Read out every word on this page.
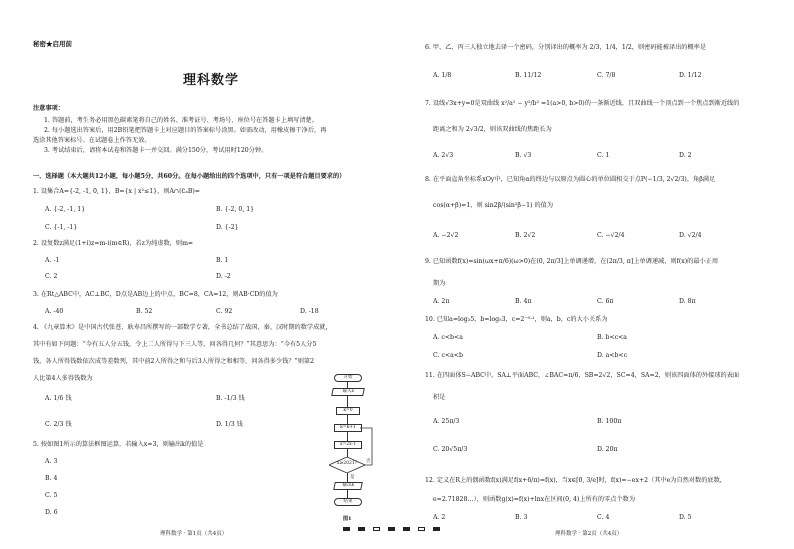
秘密★启用前
理科数学
注意事项：
1. 答题前，考生务必用黑色碳素笔将自己的姓名、准考证号、考场号、座位号在答题卡上填写清楚。
2. 每小题选出答案后，用2B铅笔把答题卡上对应题目的答案标号涂黑。如需改动，用橡皮擦干净后，再
选涂其他答案标号。在试题卷上作答无效。
3. 考试结束后，请将本试卷和答题卡一并交回。满分150分，考试用时120分钟。
一、选择题（本大题共12小题，每小题5分，共60分。在每小题给出的四个选项中，只有一项是符合题目要求的）
1. 设集合A={-2, -1, 0, 1}，B={x | x²≤1}，则A∩(∁ₐB)=
A. {-2, -1, 1}	B. {-2, 0, 1}
C. {-1, -1}	D. {-2}
2. 设复数z满足(1+i)z=m-i(m∈R)，若z为纯虚数，则m=
A. -1	B. 1
C. 2	D. -2
3. 在Rt△ABC中，AC⊥BC，D点是AB边上的中点，BC=8，CA=12，则AB·CD的值为
A. -40	B. 52	C. 92	D. -18
4. 《九章算术》是中国古代张苍、耿寿昌所撰写的一部数学专著，全书总结了战国、秦、汉时期的数学成就，
其中有如下问题：“今有五人分五钱，令上二人所得与下三人等，问各得几何？”其意思为：“今有5人分5
钱，各人所得钱数依次成等差数列，其中前2人所得之和与后3人所得之和相等，问各得多少钱？”则第2
人比第4人多得钱数为
A. 1/6 钱	B. -1/3 钱
C. 2/3 钱	D. 1/3 钱
5. 按如图1所示的算法框图运算，若输入x=3，则输出k的值是
A. 3
B. 4
C. 5
D. 6
开始
输入x
k=0
k=k+1
x=2x-1
x≥2021? 否
是
输出k
结束
图1
理科数学 · 第1页（共4页）
6. 甲、乙、丙三人独立地去译一个密码，分别译出的概率为 2/3，1/4，1/2，则密码能被译出的概率是
A. 1/8	B. 11/12	C. 7/8	D. 1/12
7. 设线√3x+y=0是双曲线 x²/a² − y²/b² =1(a>0, b>0)的一条渐近线，且双曲线一个顶点到一个焦点到渐近线的
距离之和为 2√3/2，则该双曲线的焦距长为
A. 2√3	B. √3	C. 1	D. 2
8. 在平面直角坐标系xOy中，已知角α的终边与以原点为圆心的单位圆相交于点P(−1/3, 2√2/3)，角β满足
cos(α+β)=1，则 sin2β/(sin²β−1) 的值为
A. −2√2	B. 2√2	C. −√2/4	D. √2/4
9. 已知函数f(x)=sin(ωx+π/6)(ω>0)在(0, 2π/3]上单调递增，在(2π/3, π]上单调递减，则f(x)的最小正周
期为
A. 2π	B. 4π	C. 6π	D. 8π
10. 已知a=log₃5，b=log₅3，c=2⁻⁰·¹，则a，b，c的大小关系为
A. c<b<a	B. b<c<a
C. c<a<b	D. a<b<c
11. 在四面体S−ABC中，SA⊥平面ABC，∠BAC=π/6，SB=2√2，SC=4，SA=2，则该四面体的外接球的表面
积是
A. 25π/3	B. 100π
C. 20√5π/3	D. 20π
12. 定义在R上的偶函数f(x)满足f(x+6/π)=f(x)，当x∈[0, 3/e]时，f(x)=−ex+2（其中e为自然对数的底数，
e≈2.71828…），则函数g(x)=f(x)+lnx在区间(0, 4)上所有的零点个数为
A. 2	B. 3	C. 4	D. 5
理科数学 · 第2页（共4页）
